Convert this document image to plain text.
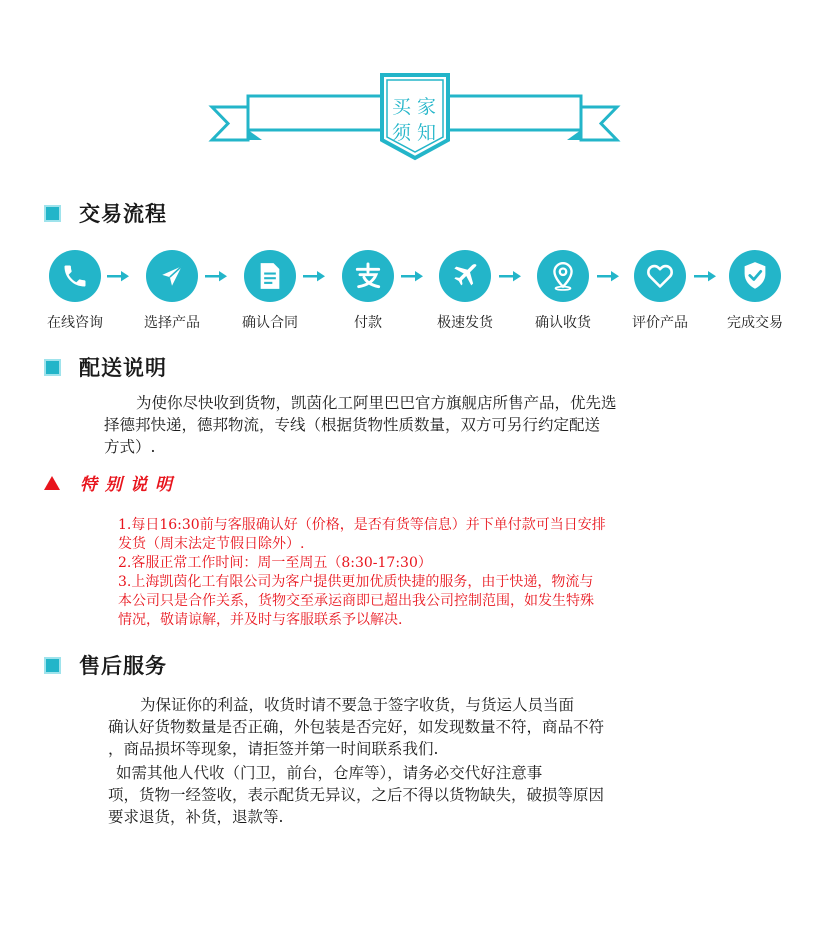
买家
须知
交易流程
在线咨询	选择产品	确认合同	付款	极速发货	确认收货	评价产品	完成交易
配送说明
为使你尽快收到货物，凯茵化工阿里巴巴官方旗舰店所售产品，优先选
择德邦快递，德邦物流，专线（根据货物性质数量，双方可另行约定配送
方式）.
特别说明
1.每日16:30前与客服确认好（价格，是否有货等信息）并下单付款可当日安排
发货（周末法定节假日除外）.
2.客服正常工作时间：周一至周五（8:30-17:30）
3.上海凯茵化工有限公司为客户提供更加优质快捷的服务，由于快递，物流与
本公司只是合作关系，货物交至承运商即已超出我公司控制范围，如发生特殊
情况，敬请谅解，并及时与客服联系予以解决.
售后服务
为保证你的利益，收货时请不要急于签字收货，与货运人员当面
确认好货物数量是否正确，外包装是否完好，如发现数量不符，商品不符
，商品损坏等现象，请拒签并第一时间联系我们.
如需其他人代收（门卫，前台，仓库等），请务必交代好注意事
项，货物一经签收，表示配货无异议，之后不得以货物缺失，破损等原因
要求退货，补货，退款等.
